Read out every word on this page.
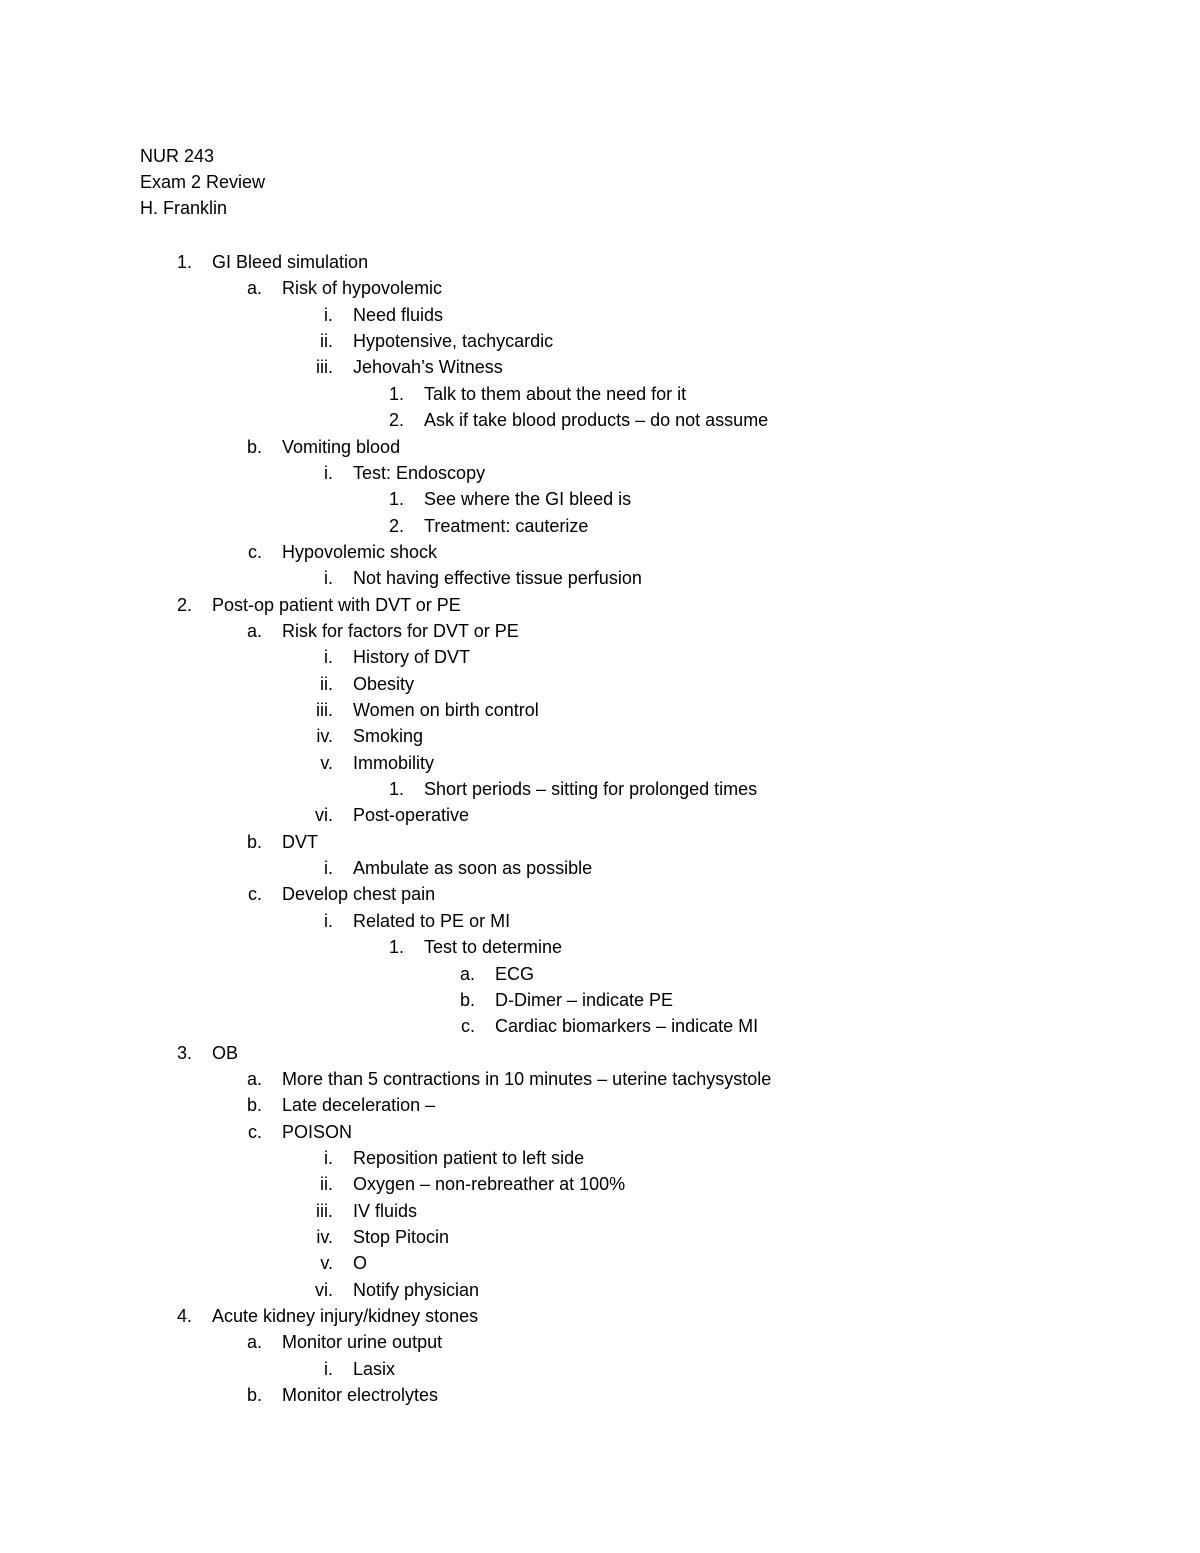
NUR 243
Exam 2 Review
H. Franklin
1. GI Bleed simulation
a. Risk of hypovolemic
i. Need fluids
ii. Hypotensive, tachycardic
iii. Jehovah’s Witness
1. Talk to them about the need for it
2. Ask if take blood products – do not assume
b. Vomiting blood
i. Test: Endoscopy
1. See where the GI bleed is
2. Treatment: cauterize
c. Hypovolemic shock
i. Not having effective tissue perfusion
2. Post-op patient with DVT or PE
a. Risk for factors for DVT or PE
i. History of DVT
ii. Obesity
iii. Women on birth control
iv. Smoking
v. Immobility
1. Short periods – sitting for prolonged times
vi. Post-operative
b. DVT
i. Ambulate as soon as possible
c. Develop chest pain
i. Related to PE or MI
1. Test to determine
a. ECG
b. D-Dimer – indicate PE
c. Cardiac biomarkers – indicate MI
3. OB
a. More than 5 contractions in 10 minutes – uterine tachysystole
b. Late deceleration –
c. POISON
i. Reposition patient to left side
ii. Oxygen – non-rebreather at 100%
iii. IV fluids
iv. Stop Pitocin
v. O
vi. Notify physician
4. Acute kidney injury/kidney stones
a. Monitor urine output
i. Lasix
b. Monitor electrolytes
